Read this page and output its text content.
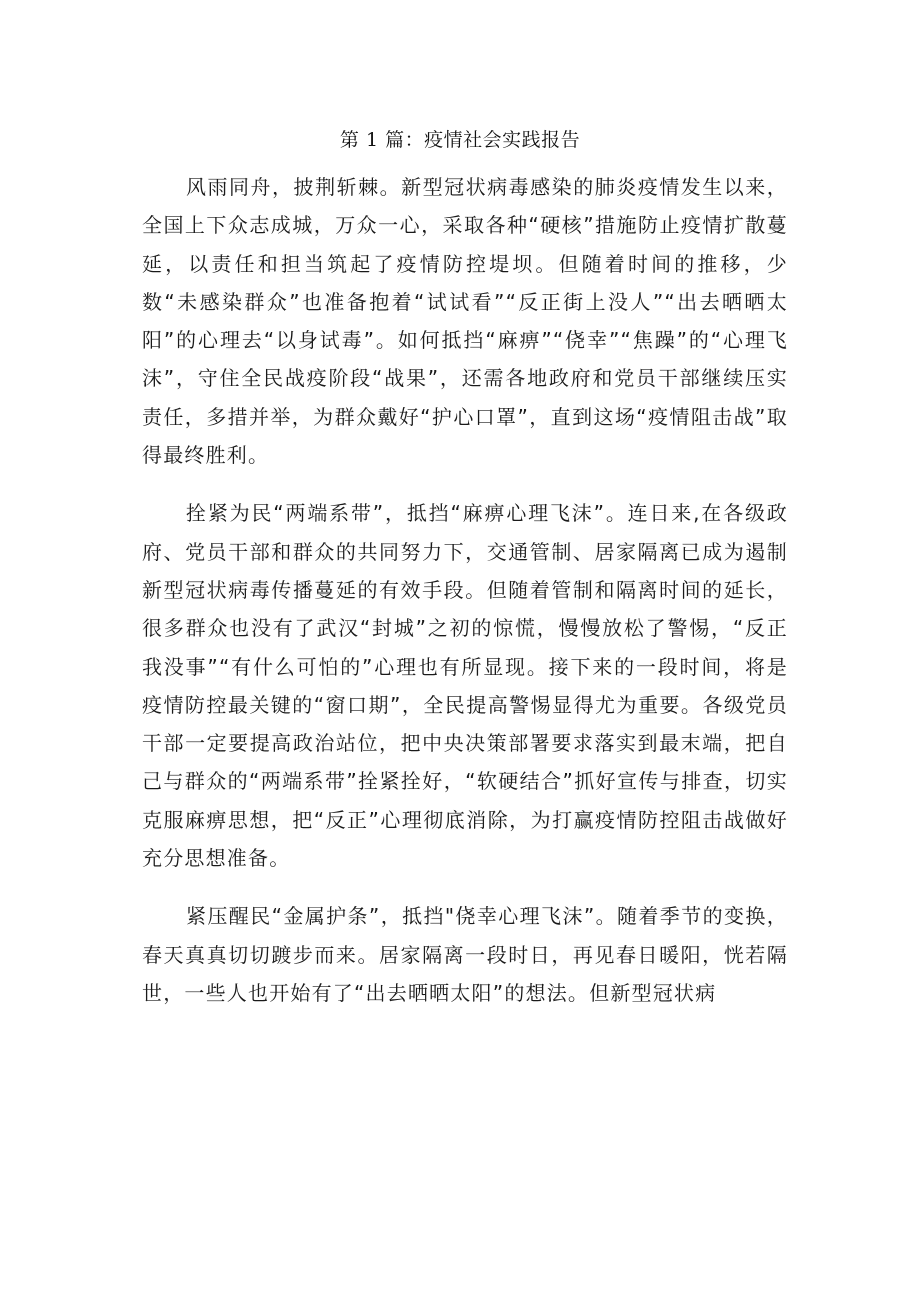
第 1 篇：疫情社会实践报告

风雨同舟，披荆斩棘。新型冠状病毒感染的肺炎疫情发生以来，全国上下众志成城，万众一心，采取各种“硬核”措施防止疫情扩散蔓延，以责任和担当筑起了疫情防控堤坝。但随着时间的推移，少数“未感染群众”也准备抱着“试试看”“反正街上没人”“出去晒晒太阳”的心理去“以身试毒”。如何抵挡“麻痹”“侥幸”“焦躁”的“心理飞沫”，守住全民战疫阶段“战果”，还需各地政府和党员干部继续压实责任，多措并举，为群众戴好“护心口罩”，直到这场“疫情阻击战”取得最终胜利。

拴紧为民“两端系带”，抵挡“麻痹心理飞沫”。连日来,在各级政府、党员干部和群众的共同努力下，交通管制、居家隔离已成为遏制新型冠状病毒传播蔓延的有效手段。但随着管制和隔离时间的延长，很多群众也没有了武汉“封城”之初的惊慌，慢慢放松了警惕，“反正我没事”“有什么可怕的”心理也有所显现。接下来的一段时间，将是疫情防控最关键的“窗口期”，全民提高警惕显得尤为重要。各级党员干部一定要提高政治站位，把中央决策部署要求落实到最末端，把自己与群众的“两端系带”拴紧拴好，“软硬结合”抓好宣传与排查，切实克服麻痹思想，把“反正”心理彻底消除，为打赢疫情防控阻击战做好充分思想准备。

紧压醒民“金属护条”，抵挡"侥幸心理飞沫”。随着季节的变换，春天真真切切踱步而来。居家隔离一段时日，再见春日暖阳，恍若隔世，一些人也开始有了“出去晒晒太阳”的想法。但新型冠状病
